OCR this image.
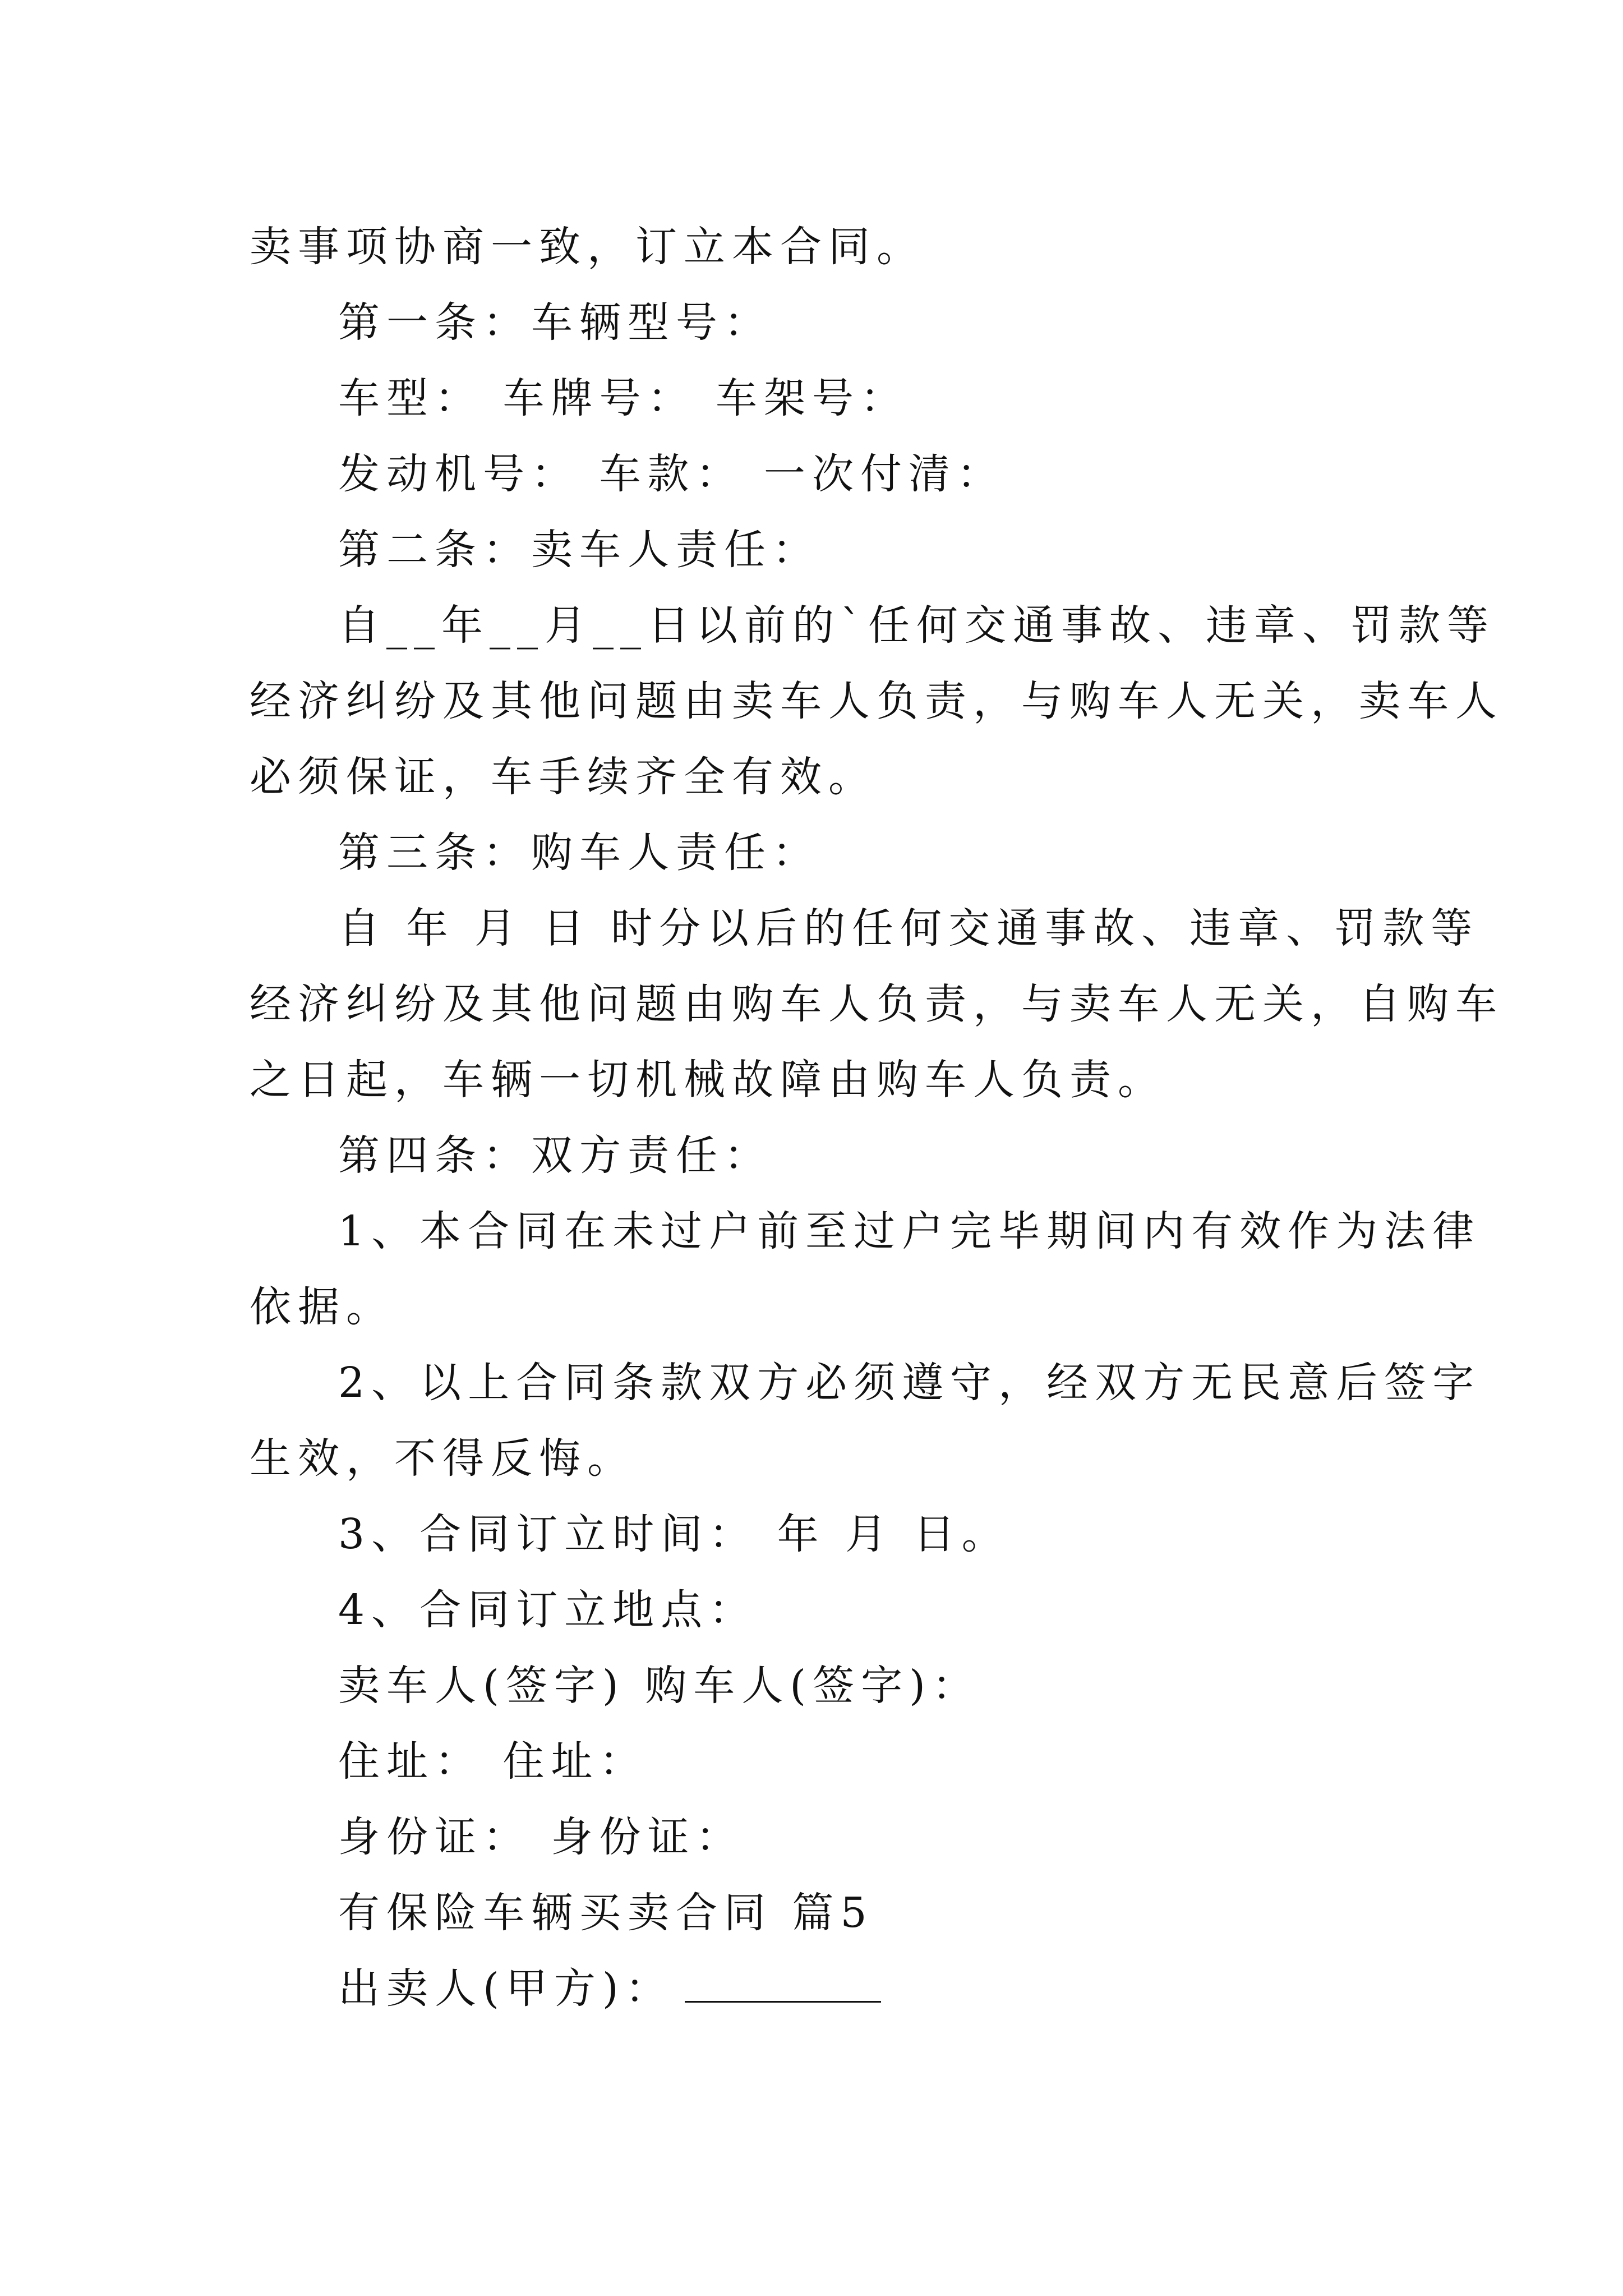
卖事项协商一致，订立本合同。
第一条：车辆型号：
车型： 车牌号： 车架号：
发动机号： 车款： 一次付清：
第二条：卖车人责任：
自__年__月__日以前的`任何交通事故、违章、罚款等
经济纠纷及其他问题由卖车人负责，与购车人无关，卖车人
必须保证，车手续齐全有效。
第三条：购车人责任：
自 年 月 日 时分以后的任何交通事故、违章、罚款等
经济纠纷及其他问题由购车人负责，与卖车人无关，自购车
之日起，车辆一切机械故障由购车人负责。
第四条：双方责任：
1、本合同在未过户前至过户完毕期间内有效作为法律
依据。
2、以上合同条款双方必须遵守，经双方无民意后签字
生效，不得反悔。
3、合同订立时间： 年 月 日。
4、合同订立地点：
卖车人(签字) 购车人(签字)：
住址： 住址：
身份证： 身份证：
有保险车辆买卖合同 篇5
出卖人(甲方)：
